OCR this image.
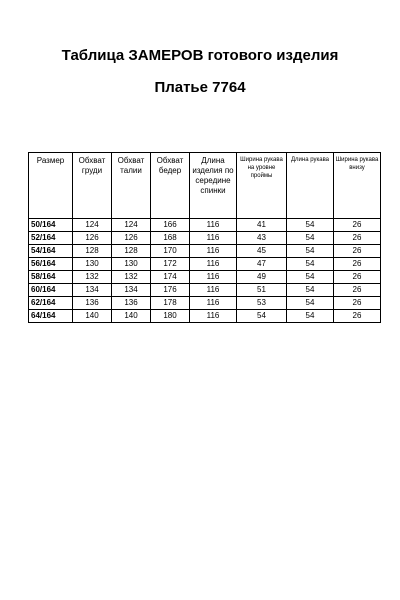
Таблица ЗАМЕРОВ готового изделия
Платье 7764
Размер	Обхват груди	Обхват талии	Обхват бедер	Длина изделия по середине спинки	Ширина рукава на уровне проймы	Длина рукава	Ширина рукава внизу
50/164	124	124	166	116	41	54	26
52/164	126	126	168	116	43	54	26
54/164	128	128	170	116	45	54	26
56/164	130	130	172	116	47	54	26
58/164	132	132	174	116	49	54	26
60/164	134	134	176	116	51	54	26
62/164	136	136	178	116	53	54	26
64/164	140	140	180	116	54	54	26
